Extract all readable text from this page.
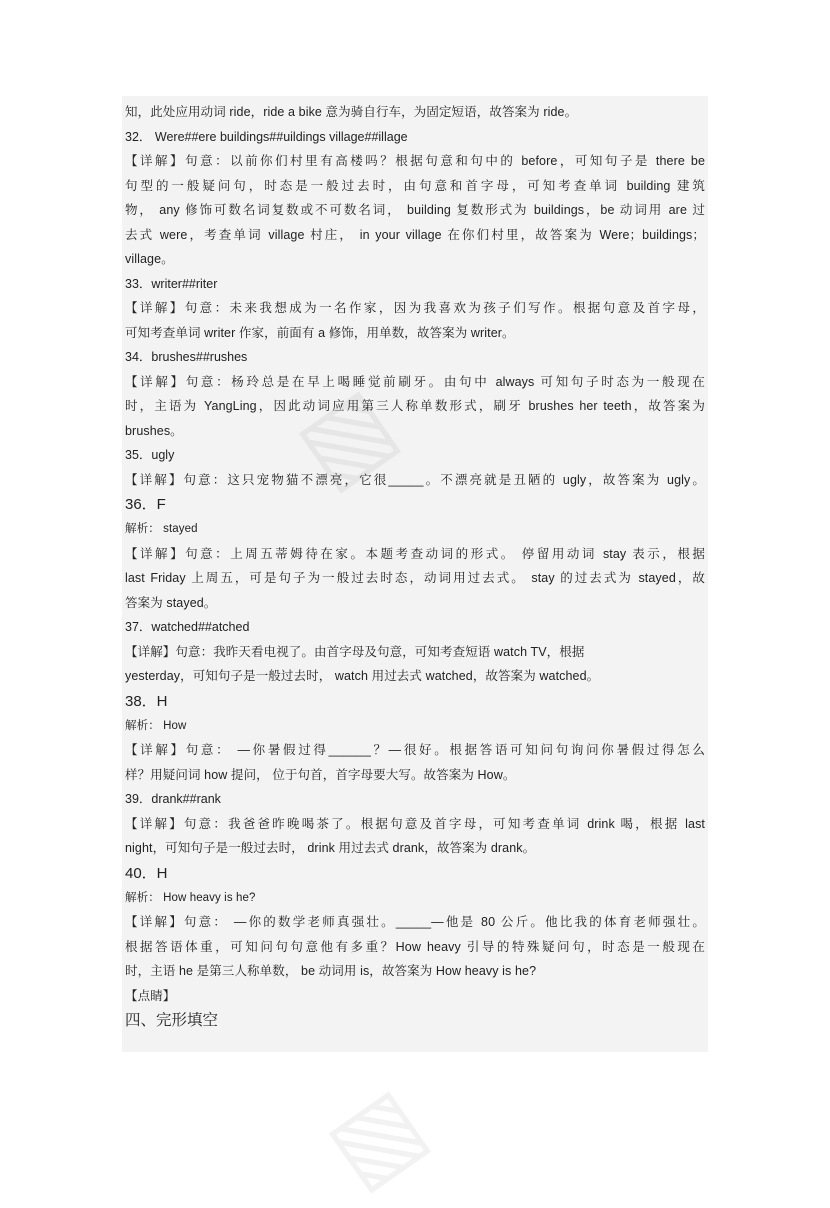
▧
知，此处应用动词 ride，ride a bike 意为骑自行车，为固定短语，故答案为 ride。
32． Were##ere buildings##uildings village##illage
【详解】句意：以前你们村里有高楼吗？根据句意和句中的 before，可知句子是 there be
句型的一般疑问句，时态是一般过去时，由句意和首字母，可知考查单词 building 建筑
物， any 修饰可数名词复数或不可数名词， building 复数形式为 buildings，be 动词用 are 过
去式 were，考查单词 village 村庄， in your village 在你们村里，故答案为 Were；buildings；
village。
33．writer##riter
【详解】句意：未来我想成为一名作家，因为我喜欢为孩子们写作。根据句意及首字母，
可知考查单词 writer 作家，前面有 a 修饰，用单数，故答案为 writer。
34．brushes##rushes
【详解】句意：杨玲总是在早上喝睡觉前刷牙。由句中 always 可知句子时态为一般现在
时，主语为 YangLing，因此动词应用第三人称单数形式，刷牙 brushes her teeth，故答案为
brushes。
35．ugly
【详解】句意：这只宠物猫不漂亮，它很_____。不漂亮就是丑陋的 ugly，故答案为 ugly。
36．F
解析： stayed
【详解】句意：上周五蒂姆待在家。本题考查动词的形式。 停留用动词 stay 表示，根据
last Friday 上周五，可是句子为一般过去时态，动词用过去式。 stay 的过去式为 stayed，故
答案为 stayed。
37．watched##atched
【详解】句意：我昨天看电视了。由首字母及句意，可知考查短语 watch TV，根据
yesterday，可知句子是一般过去时， watch 用过去式 watched，故答案为 watched。
38．H
解析： How
【详解】句意： —你暑假过得______？—很好。根据答语可知问句询问你暑假过得怎么
样？用疑问词 how 提问， 位于句首，首字母要大写。故答案为 How。
39．drank##rank
【详解】句意：我爸爸昨晚喝茶了。根据句意及首字母，可知考查单词 drink 喝，根据 last
night，可知句子是一般过去时， drink 用过去式 drank，故答案为 drank。
40．H
解析： How heavy is he?
【详解】句意： —你的数学老师真强壮。_____—他是 80 公斤。他比我的体育老师强壮。
根据答语体重，可知问句句意他有多重？How heavy 引导的特殊疑问句，时态是一般现在
时，主语 he 是第三人称单数， be 动词用 is，故答案为 How heavy is he?
【点睛】
四、完形填空
